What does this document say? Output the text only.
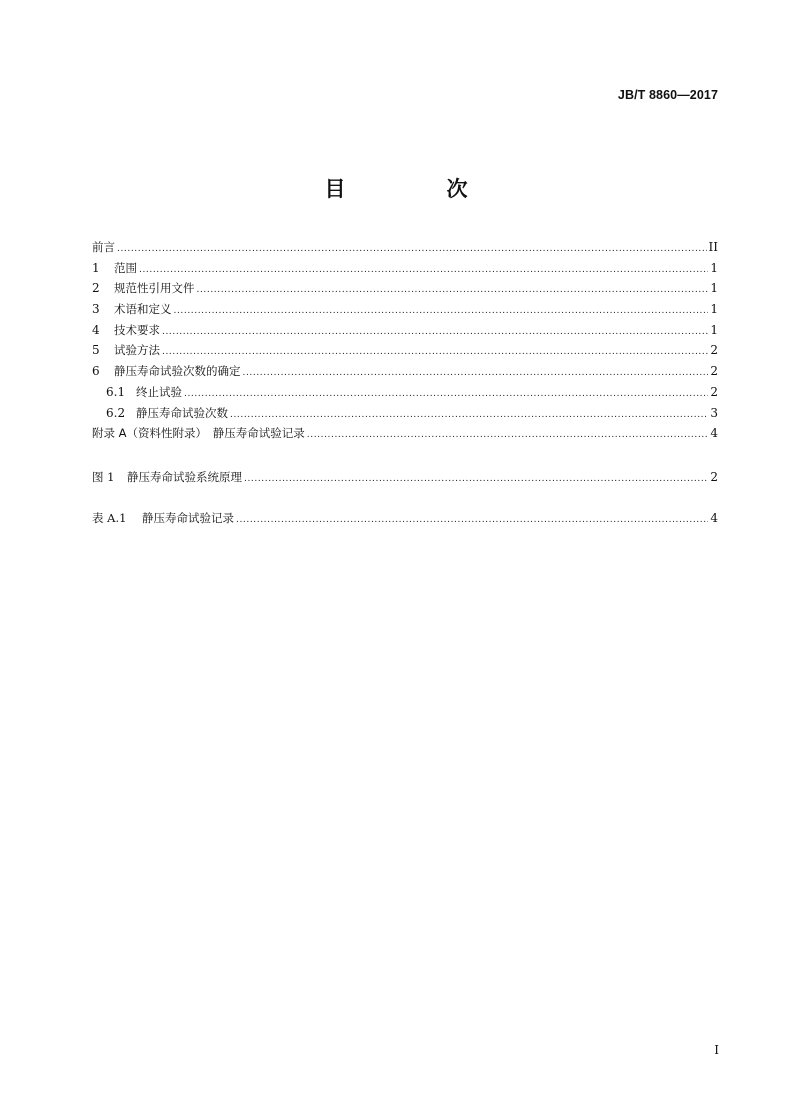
JB/T 8860—2017
目　次
前言 .....	II
1	范围 .....	1
2	规范性引用文件 .....	1
3	术语和定义 .....	1
4	技术要求 .....	1
5	试验方法 .....	2
6	静压寿命试验次数的确定 .....	2
6.1 终止试验 .....	2
6.2 静压寿命试验次数 .....	3
附录 A（资料性附录）　静压寿命试验记录 .....	4
图 1	静压寿命试验系统原理 .....	2
表 A.1	静压寿命试验记录 .....	4
I
